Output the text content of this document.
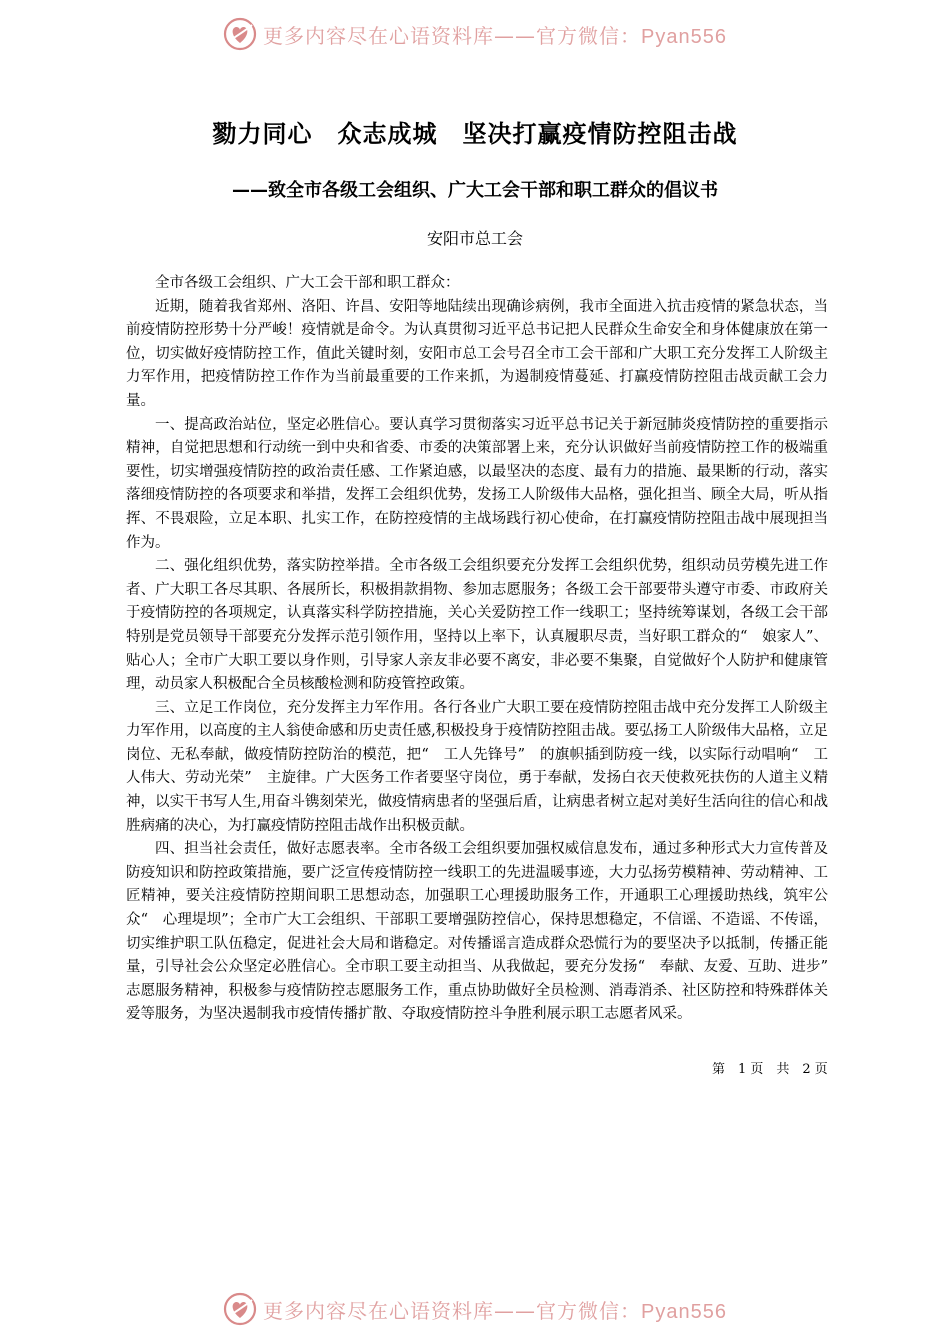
更多内容尽在心语资料库——官方微信：Pyan556
勠力同心　众志成城　坚决打赢疫情防控阻击战
——致全市各级工会组织、广大工会干部和职工群众的倡议书
安阳市总工会

全市各级工会组织、广大工会干部和职工群众：

近期，随着我省郑州、洛阳、许昌、安阳等地陆续出现确诊病例，我市全面进入抗击疫情的紧急状态，当前疫情防控形势十分严峻！疫情就是命令。为认真贯彻习近平总书记把人民群众生命安全和身体健康放在第一位，切实做好疫情防控工作，值此关键时刻，安阳市总工会号召全市工会干部和广大职工充分发挥工人阶级主力军作用，把疫情防控工作作为当前最重要的工作来抓，为遏制疫情蔓延、打赢疫情防控阻击战贡献工会力量。

一、提高政治站位，坚定必胜信心。要认真学习贯彻落实习近平总书记关于新冠肺炎疫情防控的重要指示精神，自觉把思想和行动统一到中央和省委、市委的决策部署上来，充分认识做好当前疫情防控工作的极端重要性，切实增强疫情防控的政治责任感、工作紧迫感，以最坚决的态度、最有力的措施、最果断的行动，落实落细疫情防控的各项要求和举措，发挥工会组织优势，发扬工人阶级伟大品格，强化担当、顾全大局，听从指挥、不畏艰险，立足本职、扎实工作，在防控疫情的主战场践行初心使命，在打赢疫情防控阻击战中展现担当作为。

二、强化组织优势，落实防控举措。全市各级工会组织要充分发挥工会组织优势，组织动员劳模先进工作者、广大职工各尽其职、各展所长，积极捐款捐物、参加志愿服务；各级工会干部要带头遵守市委、市政府关于疫情防控的各项规定，认真落实科学防控措施，关心关爱防控工作一线职工；坚持统筹谋划，各级工会干部特别是党员领导干部要充分发挥示范引领作用，坚持以上率下，认真履职尽责，当好职工群众的“　娘家人”、贴心人；全市广大职工要以身作则，引导家人亲友非必要不离安，非必要不集聚，自觉做好个人防护和健康管理，动员家人积极配合全员核酸检测和防疫管控政策。

三、立足工作岗位，充分发挥主力军作用。各行各业广大职工要在疫情防控阻击战中充分发挥工人阶级主力军作用，以高度的主人翁使命感和历史责任感,积极投身于疫情防控阻击战。要弘扬工人阶级伟大品格，立足岗位、无私奉献，做疫情防控防治的模范，把“　工人先锋号”　的旗帜插到防疫一线，以实际行动唱响“　工人伟大、劳动光荣”　主旋律。广大医务工作者要坚守岗位，勇于奉献，发扬白衣天使救死扶伤的人道主义精神，以实干书写人生,用奋斗镌刻荣光，做疫情病患者的坚强后盾，让病患者树立起对美好生活向往的信心和战胜病痛的决心，为打赢疫情防控阻击战作出积极贡献。

四、担当社会责任，做好志愿表率。全市各级工会组织要加强权威信息发布，通过多种形式大力宣传普及防疫知识和防控政策措施，要广泛宣传疫情防控一线职工的先进温暖事迹，大力弘扬劳模精神、劳动精神、工匠精神，要关注疫情防控期间职工思想动态，加强职工心理援助服务工作，开通职工心理援助热线，筑牢公众“　心理堤坝”；全市广大工会组织、干部职工要增强防控信心，保持思想稳定，不信谣、不造谣、不传谣，切实维护职工队伍稳定，促进社会大局和谐稳定。对传播谣言造成群众恐慌行为的要坚决予以抵制，传播正能量，引导社会公众坚定必胜信心。全市职工要主动担当、从我做起，要充分发扬“　奉献、友爱、互助、进步”　志愿服务精神，积极参与疫情防控志愿服务工作，重点协助做好全员检测、消毒消杀、社区防控和特殊群体关爱等服务，为坚决遏制我市疫情传播扩散、夺取疫情防控斗争胜利展示职工志愿者风采。

第　1 页　共　2 页
更多内容尽在心语资料库——官方微信：Pyan556
